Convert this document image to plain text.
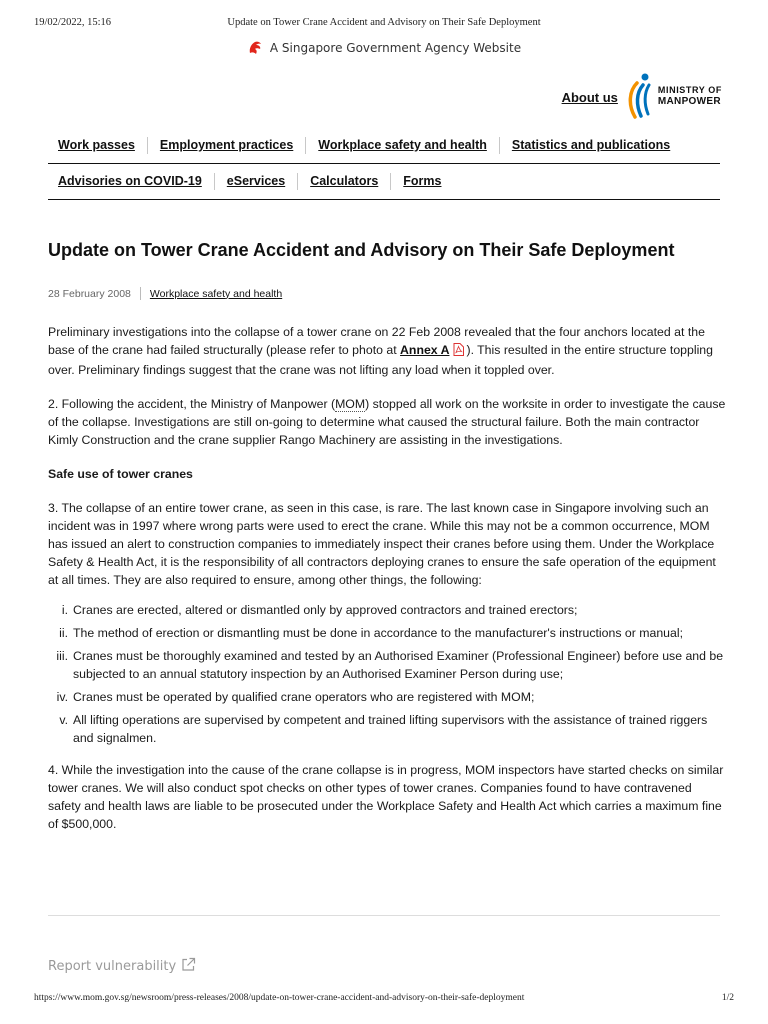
19/02/2022, 15:16	Update on Tower Crane Accident and Advisory on Their Safe Deployment
A Singapore Government Agency Website
About us	MINISTRY OF
MANPOWER
Work passes Employment practices Workplace safety and health Statistics and publications
Advisories on COVID-19 eServices Calculators Forms
Update on Tower Crane Accident and Advisory on Their Safe Deployment
28 February 2008 Workplace safety and health

Preliminary investigations into the collapse of a tower crane on 22 Feb 2008 revealed that the four anchors located at the base of the crane had failed structurally (please refer to photo at Annex A ). This resulted in the entire structure toppling over. Preliminary findings suggest that the crane was not lifting any load when it toppled over.

2. Following the accident, the Ministry of Manpower (MOM) stopped all work on the worksite in order to investigate the cause of the collapse. Investigations are still on-going to determine what caused the structural failure. Both the main contractor Kimly Construction and the crane supplier Rango Machinery are assisting in the investigations.

Safe use of tower cranes

3. The collapse of an entire tower crane, as seen in this case, is rare. The last known case in Singapore involving such an incident was in 1997 where wrong parts were used to erect the crane. While this may not be a common occurrence, MOM has issued an alert to construction companies to immediately inspect their cranes before using them. Under the Workplace Safety & Health Act, it is the responsibility of all contractors deploying cranes to ensure the safe operation of the equipment at all times. They are also required to ensure, among other things, the following:

i. Cranes are erected, altered or dismantled only by approved contractors and trained erectors;
ii. The method of erection or dismantling must be done in accordance to the manufacturer's instructions or manual;
iii. Cranes must be thoroughly examined and tested by an Authorised Examiner (Professional Engineer) before use and be subjected to an annual statutory inspection by an Authorised Examiner Person during use;
iv. Cranes must be operated by qualified crane operators who are registered with MOM;
v. All lifting operations are supervised by competent and trained lifting supervisors with the assistance of trained riggers and signalmen.

4. While the investigation into the cause of the crane collapse is in progress, MOM inspectors have started checks on similar tower cranes. We will also conduct spot checks on other types of tower cranes. Companies found to have contravened safety and health laws are liable to be prosecuted under the Workplace Safety and Health Act which carries a maximum fine of $500,000.

Report vulnerability
https://www.mom.gov.sg/newsroom/press-releases/2008/update-on-tower-crane-accident-and-advisory-on-their-safe-deployment	1/2
